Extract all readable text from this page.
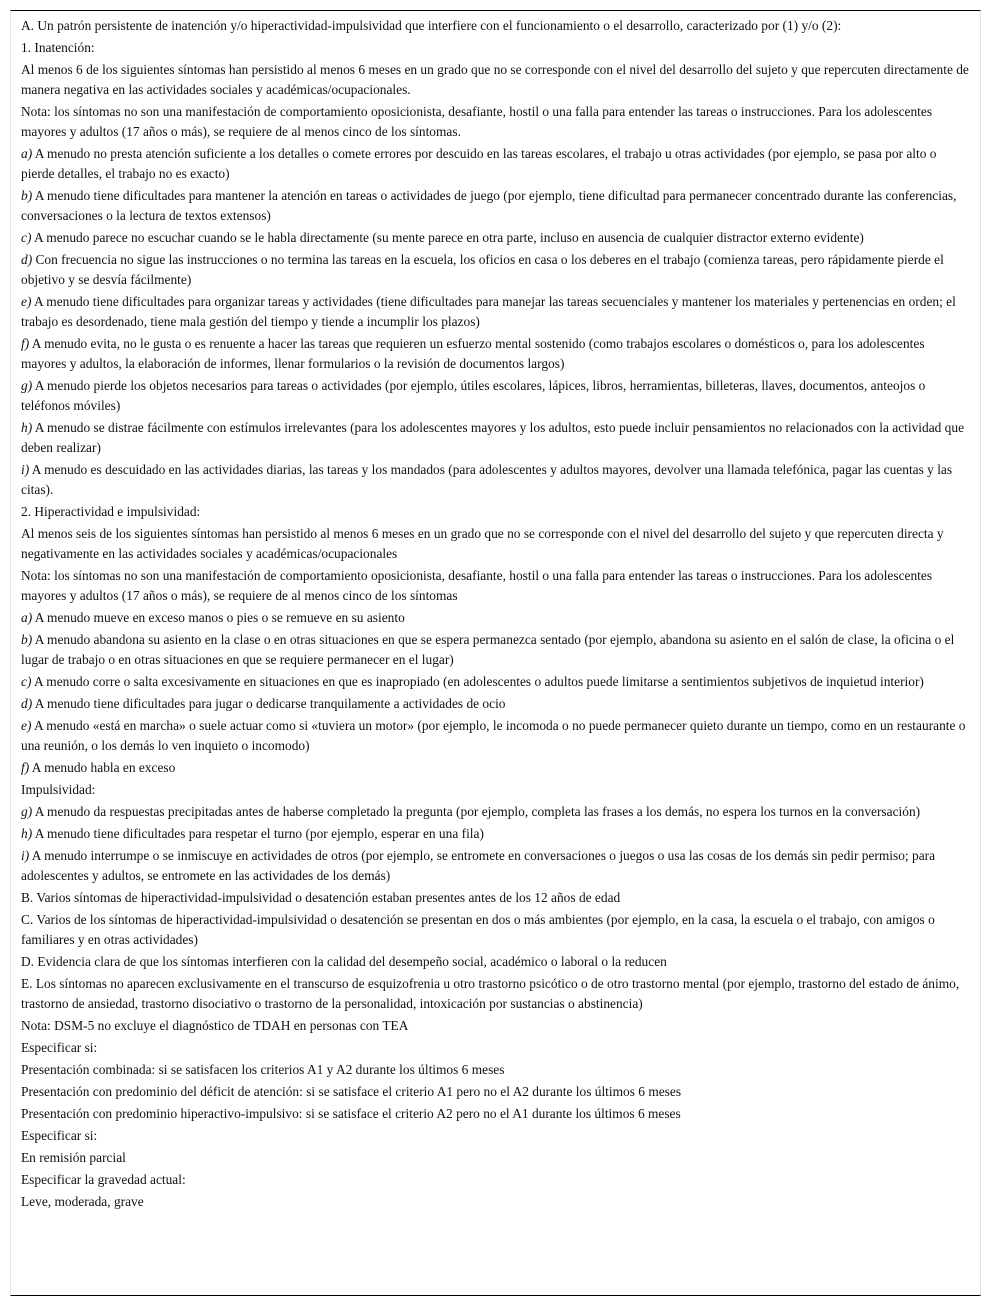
A. Un patrón persistente de inatención y/o hiperactividad-impulsividad que interfiere con el funcionamiento o el desarrollo, caracterizado por (1) y/o (2):
1. Inatención:
Al menos 6 de los siguientes síntomas han persistido al menos 6 meses en un grado que no se corresponde con el nivel del desarrollo del sujeto y que repercuten directamente de manera negativa en las actividades sociales y académicas/ocupacionales.
Nota: los síntomas no son una manifestación de comportamiento oposicionista, desafiante, hostil o una falla para entender las tareas o instrucciones. Para los adolescentes mayores y adultos (17 años o más), se requiere de al menos cinco de los síntomas.
a) A menudo no presta atención suficiente a los detalles o comete errores por descuido en las tareas escolares, el trabajo u otras actividades (por ejemplo, se pasa por alto o pierde detalles, el trabajo no es exacto)
b) A menudo tiene dificultades para mantener la atención en tareas o actividades de juego (por ejemplo, tiene dificultad para permanecer concentrado durante las conferencias, conversaciones o la lectura de textos extensos)
c) A menudo parece no escuchar cuando se le habla directamente (su mente parece en otra parte, incluso en ausencia de cualquier distractor externo evidente)
d) Con frecuencia no sigue las instrucciones o no termina las tareas en la escuela, los oficios en casa o los deberes en el trabajo (comienza tareas, pero rápidamente pierde el objetivo y se desvía fácilmente)
e) A menudo tiene dificultades para organizar tareas y actividades (tiene dificultades para manejar las tareas secuenciales y mantener los materiales y pertenencias en orden; el trabajo es desordenado, tiene mala gestión del tiempo y tiende a incumplir los plazos)
f) A menudo evita, no le gusta o es renuente a hacer las tareas que requieren un esfuerzo mental sostenido (como trabajos escolares o domésticos o, para los adolescentes mayores y adultos, la elaboración de informes, llenar formularios o la revisión de documentos largos)
g) A menudo pierde los objetos necesarios para tareas o actividades (por ejemplo, útiles escolares, lápices, libros, herramientas, billeteras, llaves, documentos, anteojos o teléfonos móviles)
h) A menudo se distrae fácilmente con estímulos irrelevantes (para los adolescentes mayores y los adultos, esto puede incluir pensamientos no relacionados con la actividad que deben realizar)
i) A menudo es descuidado en las actividades diarias, las tareas y los mandados (para adolescentes y adultos mayores, devolver una llamada telefónica, pagar las cuentas y las citas).
2. Hiperactividad e impulsividad:
Al menos seis de los siguientes síntomas han persistido al menos 6 meses en un grado que no se corresponde con el nivel del desarrollo del sujeto y que repercuten directa y negativamente en las actividades sociales y académicas/ocupacionales
Nota: los síntomas no son una manifestación de comportamiento oposicionista, desafiante, hostil o una falla para entender las tareas o instrucciones. Para los adolescentes mayores y adultos (17 años o más), se requiere de al menos cinco de los síntomas
a) A menudo mueve en exceso manos o pies o se remueve en su asiento
b) A menudo abandona su asiento en la clase o en otras situaciones en que se espera permanezca sentado (por ejemplo, abandona su asiento en el salón de clase, la oficina o el lugar de trabajo o en otras situaciones en que se requiere permanecer en el lugar)
c) A menudo corre o salta excesivamente en situaciones en que es inapropiado (en adolescentes o adultos puede limitarse a sentimientos subjetivos de inquietud interior)
d) A menudo tiene dificultades para jugar o dedicarse tranquilamente a actividades de ocio
e) A menudo «está en marcha» o suele actuar como si «tuviera un motor» (por ejemplo, le incomoda o no puede permanecer quieto durante un tiempo, como en un restaurante o una reunión, o los demás lo ven inquieto o incomodo)
f) A menudo habla en exceso
Impulsividad:
g) A menudo da respuestas precipitadas antes de haberse completado la pregunta (por ejemplo, completa las frases a los demás, no espera los turnos en la conversación)
h) A menudo tiene dificultades para respetar el turno (por ejemplo, esperar en una fila)
i) A menudo interrumpe o se inmiscuye en actividades de otros (por ejemplo, se entromete en conversaciones o juegos o usa las cosas de los demás sin pedir permiso; para adolescentes y adultos, se entromete en las actividades de los demás)
B. Varios síntomas de hiperactividad-impulsividad o desatención estaban presentes antes de los 12 años de edad
C. Varios de los síntomas de hiperactividad-impulsividad o desatención se presentan en dos o más ambientes (por ejemplo, en la casa, la escuela o el trabajo, con amigos o familiares y en otras actividades)
D. Evidencia clara de que los síntomas interfieren con la calidad del desempeño social, académico o laboral o la reducen
E. Los síntomas no aparecen exclusivamente en el transcurso de esquizofrenia u otro trastorno psicótico o de otro trastorno mental (por ejemplo, trastorno del estado de ánimo, trastorno de ansiedad, trastorno disociativo o trastorno de la personalidad, intoxicación por sustancias o abstinencia)
Nota: DSM-5 no excluye el diagnóstico de TDAH en personas con TEA
Especificar si:
Presentación combinada: si se satisfacen los criterios A1 y A2 durante los últimos 6 meses
Presentación con predominio del déficit de atención: si se satisface el criterio A1 pero no el A2 durante los últimos 6 meses
Presentación con predominio hiperactivo-impulsivo: si se satisface el criterio A2 pero no el A1 durante los últimos 6 meses
Especificar si:
En remisión parcial
Especificar la gravedad actual:
Leve, moderada, grave
